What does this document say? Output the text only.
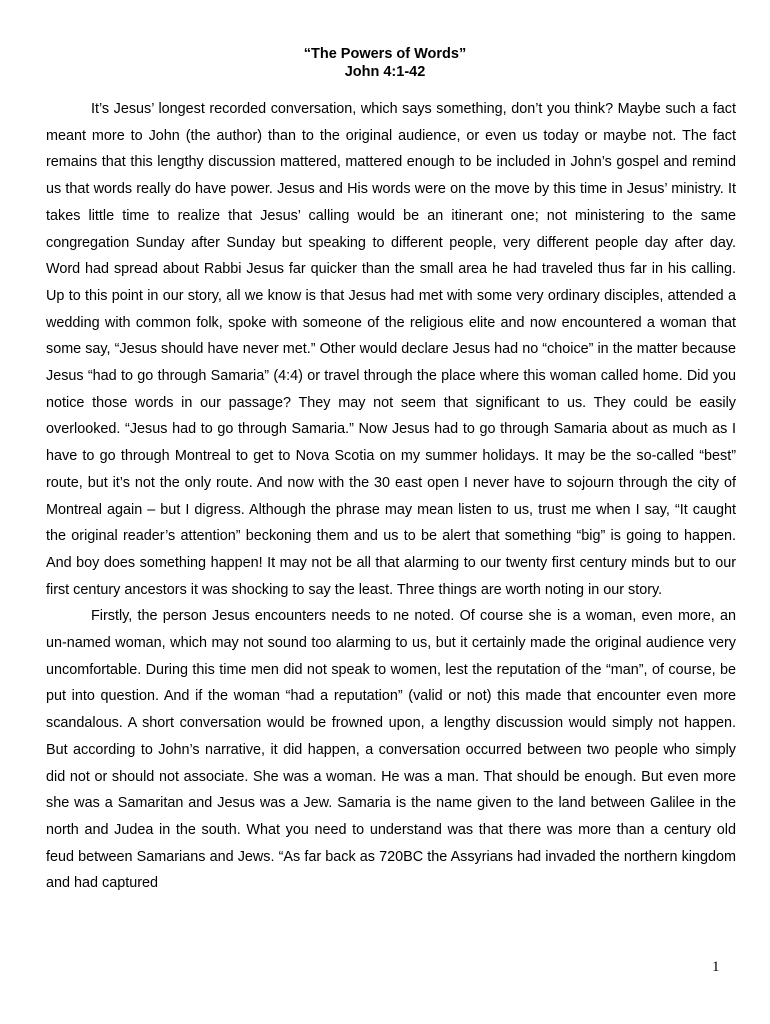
“The Powers of Words”
John 4:1-42

It’s Jesus’ longest recorded conversation, which says something, don’t you think? Maybe such a fact meant more to John (the author) than to the original audience, or even us today or maybe not. The fact remains that this lengthy discussion mattered, mattered enough to be included in John’s gospel and remind us that words really do have power. Jesus and His words were on the move by this time in Jesus’ ministry. It takes little time to realize that Jesus’ calling would be an itinerant one; not ministering to the same congregation Sunday after Sunday but speaking to different people, very different people day after day. Word had spread about Rabbi Jesus far quicker than the small area he had traveled thus far in his calling. Up to this point in our story, all we know is that Jesus had met with some very ordinary disciples, attended a wedding with common folk, spoke with someone of the religious elite and now encountered a woman that some say, “Jesus should have never met.” Other would declare Jesus had no “choice” in the matter because Jesus “had to go through Samaria” (4:4) or travel through the place where this woman called home. Did you notice those words in our passage? They may not seem that significant to us. They could be easily overlooked. “Jesus had to go through Samaria.” Now Jesus had to go through Samaria about as much as I have to go through Montreal to get to Nova Scotia on my summer holidays. It may be the so-called “best” route, but it’s not the only route. And now with the 30 east open I never have to sojourn through the city of Montreal again – but I digress. Although the phrase may mean listen to us, trust me when I say, “It caught the original reader’s attention” beckoning them and us to be alert that something “big” is going to happen. And boy does something happen! It may not be all that alarming to our twenty first century minds but to our first century ancestors it was shocking to say the least. Three things are worth noting in our story.

Firstly, the person Jesus encounters needs to ne noted. Of course she is a woman, even more, an un-named woman, which may not sound too alarming to us, but it certainly made the original audience very uncomfortable. During this time men did not speak to women, lest the reputation of the “man”, of course, be put into question. And if the woman “had a reputation” (valid or not) this made that encounter even more scandalous. A short conversation would be frowned upon, a lengthy discussion would simply not happen. But according to John’s narrative, it did happen, a conversation occurred between two people who simply did not or should not associate. She was a woman. He was a man. That should be enough. But even more she was a Samaritan and Jesus was a Jew. Samaria is the name given to the land between Galilee in the north and Judea in the south. What you need to understand was that there was more than a century old feud between Samarians and Jews. “As far back as 720BC the Assyrians had invaded the northern kingdom and had captured

1
